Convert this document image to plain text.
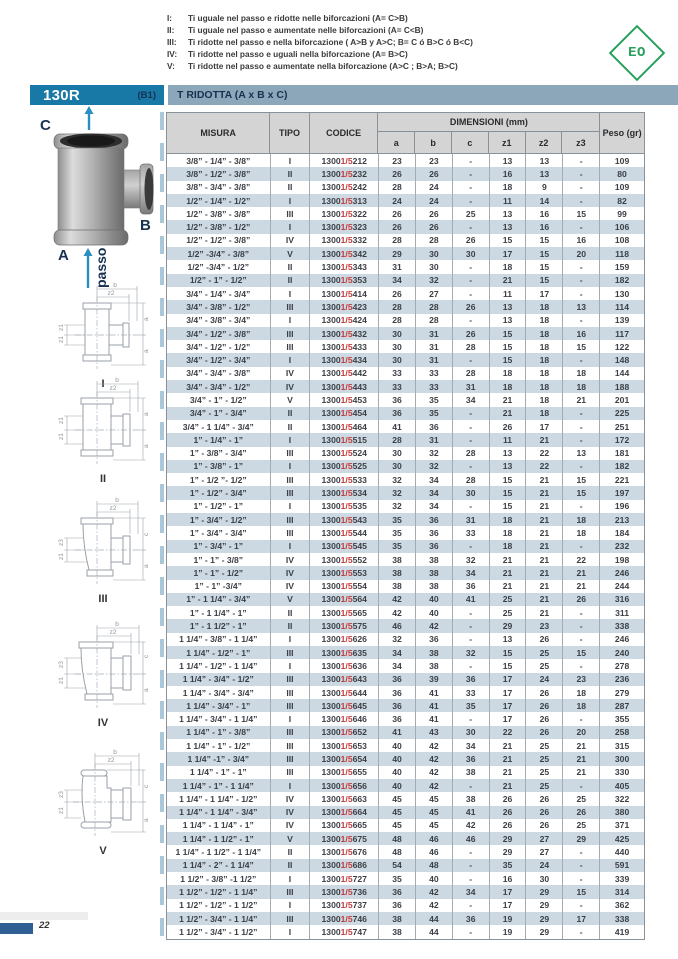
I:	Ti uguale nel passo e ridotte nelle biforcazioni (A= C>B)
II:	Ti uguale nel passo e aumentate nelle biforcazioni (A= C<B)
III:	Ti ridotte nel passo e nella biforcazione ( A>B y A>C; B= C ó B>C ó B<C)
IV:	Ti ridotte nel passo e uguali nella biforcazione (A= B>C)
V:	Ti ridotte nel passo e aumentate nella biforcazione (A>C ; B>A; B>C)
EO
130R	(B1) T RIDOTTA (A x B x C)
C
B
A passo b
z2
z1
z1
a
a
I	b
z2
z1
z1
a
a
II
b
z2
z3
z1
c
a
III
b
z2
z3
z1
c
a
IV
b
z2
z3
z1
c
a
V
22
MISURA	TIPO	CODICE
DIMENSIONI (mm)
a	b	c	z1	z2	z3
Peso (gr)
3/8” - 1/4” - 3/8”	I	1300 1/5 212	23	23	-	13	13	-	109
3/8” - 1/2” - 3/8”	II	1300 1/5 232	26	26	-	16	13	-	80
3/8” - 3/4” - 3/8”	II	1300 1/5 242	28	24	-	18	9	-	109
1/2” - 1/4” - 1/2”	I	1300 1/5 313	24	24	-	11	14	-	82
1/2” - 3/8” - 3/8”	III	1300 1/5 322	26	26	25	13	16	15	99
1/2” - 3/8” - 1/2”	I	1300 1/5 323	26	26	-	13	16	-	106
1/2” - 1/2” - 3/8”	IV	1300 1/5 332	28	28	26	15	15	16	108
1/2” -3/4” - 3/8”	V	1300 1/5 342	29	30	30	17	15	20	118
1/2” -3/4” - 1/2”	II	1300 1/5 343	31	30	-	18	15	-	159
1/2” - 1” - 1/2”	II	1300 1/5 353	34	32	-	21	15	-	182
3/4” - 1/4” - 3/4”	I	1300 1/5 414	26	27	-	11	17	-	130
3/4” - 3/8” - 1/2”	III	1300 1/5 423	28	28	26	13	18	13	114
3/4” - 3/8” - 3/4”	I	1300 1/5 424	28	28	-	13	18	-	139
3/4” - 1/2” - 3/8”	III	1300 1/5 432	30	31	26	15	18	16	117
3/4” - 1/2” - 1/2”	III	1300 1/5 433	30	31	28	15	18	15	122
3/4” - 1/2” - 3/4”	I	1300 1/5 434	30	31	-	15	18	-	148
3/4” - 3/4” - 3/8”	IV	1300 1/5 442	33	33	28	18	18	18	144
3/4” - 3/4” - 1/2”	IV	1300 1/5 443	33	33	31	18	18	18	188
3/4” - 1” - 1/2”	V	1300 1/5 453	36	35	34	21	18	21	201
3/4” - 1” - 3/4”	II	1300 1/5 454	36	35	-	21	18	-	225
3/4” - 1 1/4” - 3/4”	II	1300 1/5 464	41	36	-	26	17	-	251
1” - 1/4” - 1”	I	1300 1/5 515	28	31	-	11	21	-	172
1” - 3/8” - 3/4”	III	1300 1/5 524	30	32	28	13	22	13	181
1” - 3/8” - 1”	I	1300 1/5 525	30	32	-	13	22	-	182
1” - 1/2 ”- 1/2”	III	1300 1/5 533	32	34	28	15	21	15	221
1” - 1/2” - 3/4”	III	1300 1/5 534	32	34	30	15	21	15	197
1” - 1/2” - 1”	I	1300 1/5 535	32	34	-	15	21	-	196
1” - 3/4” - 1/2”	III	1300 1/5 543	35	36	31	18	21	18	213
1” - 3/4” - 3/4”	III	1300 1/5 544	35	36	33	18	21	18	184
1” - 3/4” - 1”	I	1300 1/5 545	35	36	-	18	21	-	232
1” - 1” - 3/8”	IV	1300 1/5 552	38	38	32	21	21	22	198
1” - 1” - 1/2”	IV	1300 1/5 553	38	38	34	21	21	21	246
1” - 1” -3/4”	IV	1300 1/5 554	38	38	36	21	21	21	244
1” - 1 1/4” - 3/4”	V	1300 1/5 564	42	40	41	25	21	26	316
1” - 1 1/4” - 1”	II	1300 1/5 565	42	40	-	25	21	-	311
1” - 1 1/2” - 1”	II	1300 1/5 575	46	42	-	29	23	-	338
1 1/4” - 3/8” - 1 1/4”	I	1300 1/5 626	32	36	-	13	26	-	246
1 1/4” - 1/2” - 1”	III	1300 1/5 635	34	38	32	15	25	15	240
1 1/4” - 1/2” - 1 1/4”	I	1300 1/5 636	34	38	-	15	25	-	278
1 1/4” - 3/4” - 1/2”	III	1300 1/5 643	36	39	36	17	24	23	236
1 1/4” - 3/4” - 3/4”	III	1300 1/5 644	36	41	33	17	26	18	279
1 1/4” - 3/4” - 1”	III	1300 1/5 645	36	41	35	17	26	18	287
1 1/4” - 3/4” - 1 1/4”	I	1300 1/5 646	36	41	-	17	26	-	355
1 1/4” - 1” - 3/8”	III	1300 1/5 652	41	43	30	22	26	20	258
1 1/4” - 1” - 1/2”	III	1300 1/5 653	40	42	34	21	25	21	315
1 1/4” -1” - 3/4”	III	1300 1/5 654	40	42	36	21	25	21	300
1 1/4” - 1” - 1”	III	1300 1/5 655	40	42	38	21	25	21	330
1 1/4” - 1” - 1 1/4”	I	1300 1/5 656	40	42	-	21	25	-	405
1 1/4” - 1 1/4” - 1/2”	IV	1300 1/5 663	45	45	38	26	26	25	322
1 1/4” - 1 1/4” - 3/4”	IV	1300 1/5 664	45	45	41	26	26	26	380
1 1/4” - 1 1/4” - 1”	IV	1300 1/5 665	45	45	42	26	26	25	371
1 1/4” - 1 1/2” - 1”	V	1300 1/5 675	48	46	46	29	27	29	425
1 1/4” - 1 1/2” - 1 1/4”	II	1300 1/5 676	48	46	-	29	27	-	440
1 1/4” - 2” - 1 1/4”	II	1300 1/5 686	54	48	-	35	24	-	591
1 1/2” - 3/8” -1 1/2”	I	1300 1/5 727	35	40	-	16	30	-	339
1 1/2” - 1/2” - 1 1/4”	III	1300 1/5 736	36	42	34	17	29	15	314
1 1/2” - 1/2” - 1 1/2”	I	1300 1/5 737	36	42	-	17	29	-	362
1 1/2” - 3/4” - 1 1/4”	III	1300 1/5 746	38	44	36	19	29	17	338
1 1/2” - 3/4” - 1 1/2”	I	1300 1/5 747	38	44	-	19	29	-	419
